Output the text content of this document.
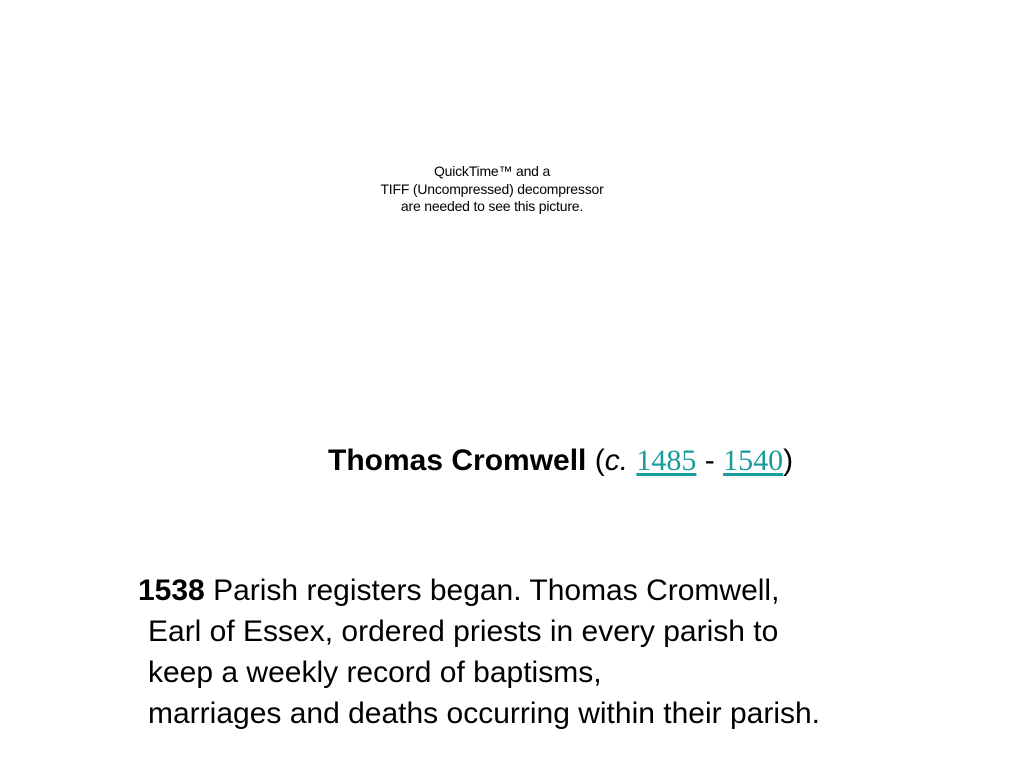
QuickTime™ and a
TIFF (Uncompressed) decompressor
are needed to see this picture.
Thomas Cromwell (c. 1485 - 1540)
1538 Parish registers began. Thomas Cromwell,
Earl of Essex, ordered priests in every parish to
keep a weekly record of baptisms,
marriages and deaths occurring within their parish.
